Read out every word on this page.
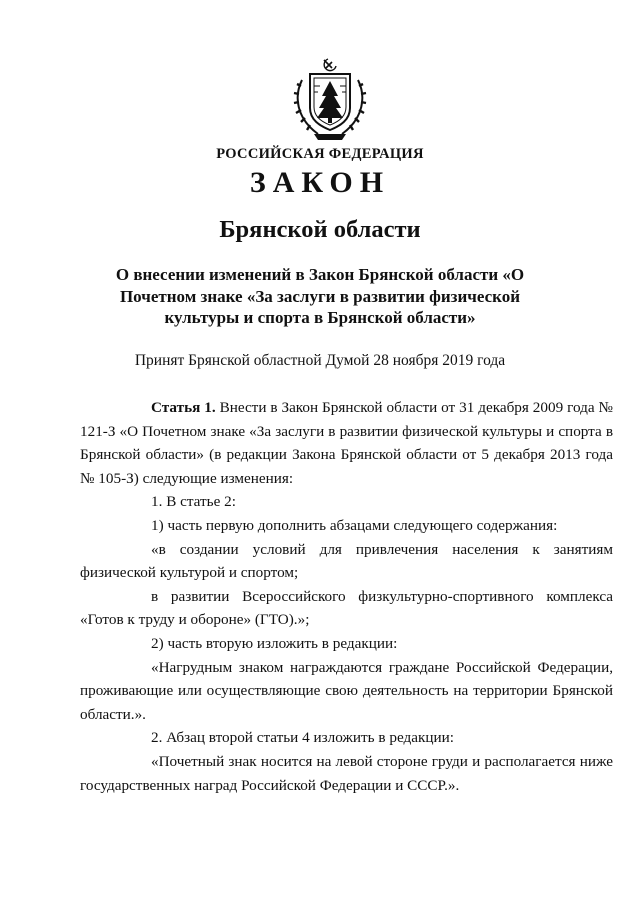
РОССИЙСКАЯ ФЕДЕРАЦИЯ
ЗАКОН
Брянской области
О внесении изменений в Закон Брянской области «О Почетном знаке «За заслуги в развитии физической культуры и спорта в Брянской области»
Принят Брянской областной Думой 28 ноября 2019 года

Статья 1. Внести в Закон Брянской области от 31 декабря 2009 года № 121-З «О Почетном знаке «За заслуги в развитии физической культуры и спорта в Брянской области» (в редакции Закона Брянской области от 5 декабря 2013 года № 105-З) следующие изменения:

1. В статье 2:

1) часть первую дополнить абзацами следующего содержания:

«в создании условий для привлечения населения к занятиям физической культурой и спортом;

в развитии Всероссийского физкультурно-спортивного комплекса «Готов к труду и обороне» (ГТО).»;

2) часть вторую изложить в редакции:

«Нагрудным знаком награждаются граждане Российской Федерации, проживающие или осуществляющие свою деятельность на территории Брянской области.».

2. Абзац второй статьи 4 изложить в редакции:

«Почетный знак носится на левой стороне груди и располагается ниже государственных наград Российской Федерации и СССР.».
